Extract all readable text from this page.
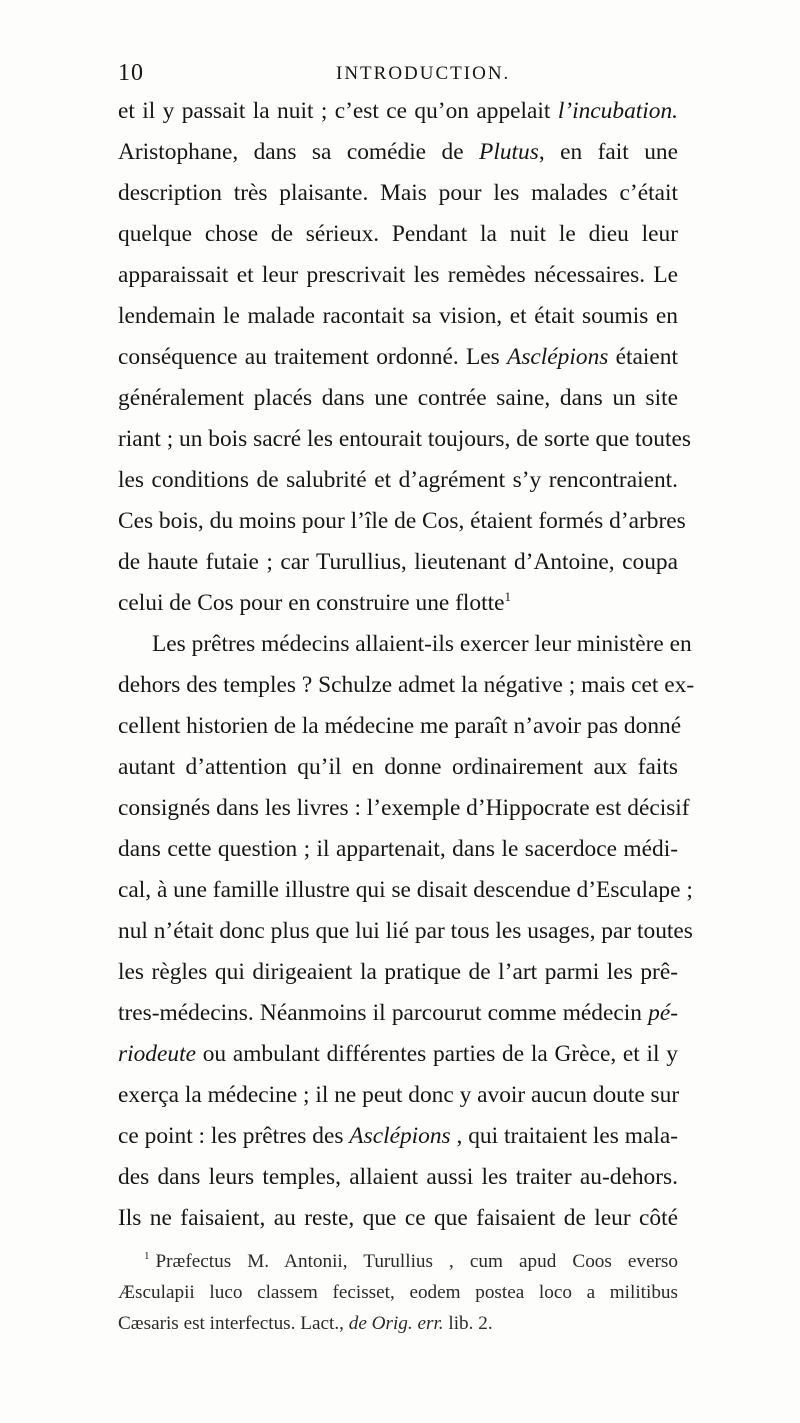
10	INTRODUCTION.
et il y passait la nuit ; c’est ce qu’on appelait l’incubation.
Aristophane, dans sa comédie de Plutus, en fait une
description très plaisante. Mais pour les malades c’était
quelque chose de sérieux. Pendant la nuit le dieu leur
apparaissait et leur prescrivait les remèdes nécessaires. Le
lendemain le malade racontait sa vision, et était soumis en
conséquence au traitement ordonné. Les Asclépions étaient
généralement placés dans une contrée saine, dans un site
riant ; un bois sacré les entourait toujours, de sorte que toutes
les conditions de salubrité et d’agrément s’y rencontraient.
Ces bois, du moins pour l’île de Cos, étaient formés d’arbres
de haute futaie ; car Turullius, lieutenant d’Antoine, coupa
celui de Cos pour en construire une flotte$^1$
Les prêtres médecins allaient-ils exercer leur ministère en
dehors des temples ? Schulze admet la négative ; mais cet ex-
cellent historien de la médecine me paraît n’avoir pas donné
autant d’attention qu’il en donne ordinairement aux faits
consignés dans les livres : l’exemple d’Hippocrate est décisif
dans cette question ; il appartenait, dans le sacerdoce médi-
cal, à une famille illustre qui se disait descendue d’Esculape ;
nul n’était donc plus que lui lié par tous les usages, par toutes
les règles qui dirigeaient la pratique de l’art parmi les prê-
tres-médecins. Néanmoins il parcourut comme médecin pé-
riodeute ou ambulant différentes parties de la Grèce, et il y
exerça la médecine ; il ne peut donc y avoir aucun doute sur
ce point : les prêtres des Asclépions , qui traitaient les mala-
des dans leurs temples, allaient aussi les traiter au-dehors.
Ils ne faisaient, au reste, que ce que faisaient de leur côté
$^1$ Præfectus M. Antonii, Turullius , cum apud Coos everso
Æsculapii luco classem fecisset, eodem postea loco a militibus
Cæsaris est interfectus. Lact., de Orig. err. lib. 2.
